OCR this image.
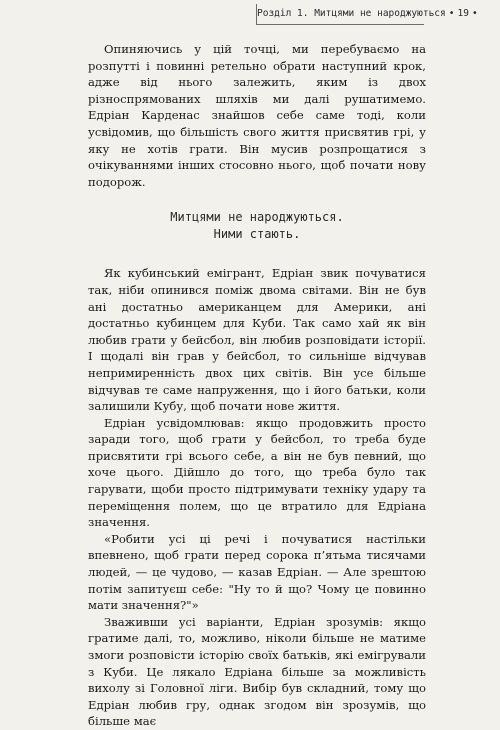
Розділ 1. Митцями не народжуються • 19 •

Опиняючись у цій точці, ми перебуваємо на розпутті і повинні ретельно обрати наступний крок, адже від нього залежить, яким із двох різноспрямованих шляхів ми далі рушатимемо. Едріан Карденас знайшов себе саме тоді, коли усвідомив, що більшість свого життя присвятив грі, у яку не хотів грати. Він мусив розпрощатися з очікуваннями інших стосовно нього, щоб почати нову подорож.

Митцями не народжуються.
Ними стають.

Як кубинський емігрант, Едріан звик почуватися так, ніби опинився поміж двома світами. Він не був ані достатньо американцем для Америки, ані достатньо кубинцем для Куби. Так само хай як він любив грати у бейсбол, він любив розповідати історії. І щодалі він грав у бейсбол, то сильніше відчував непримиренність двох цих світів. Він усе більше відчував те саме напруження, що і його батьки, коли залишили Кубу, щоб почати нове життя.

Едріан усвідомлював: якщо продовжить просто заради того, щоб грати у бейсбол, то треба буде присвятити грі всього себе, а він не був певний, що хоче цього. Дійшло до того, що треба було так гарувати, щоби просто підтримувати техніку удару та переміщення полем, що це втратило для Едріана значення.

«Робити усі ці речі і почуватися настільки впевнено, щоб грати перед сорока п’ятьма тисячами людей, — це чудово, — казав Едріан. — Але зрештою потім запитуєш себе: "Ну то й що? Чому це повинно мати значення?"»

Зваживши усі варіанти, Едріан зрозумів: якщо гратиме далі, то, можливо, ніколи більше не матиме змоги розповісти історію своїх батьків, які емігрували з Куби. Це лякало Едріана більше за можливість вихолу зі Головної ліги. Вибір був складний, тому що Едріан любив гру, однак згодом він зрозумів, що більше має
